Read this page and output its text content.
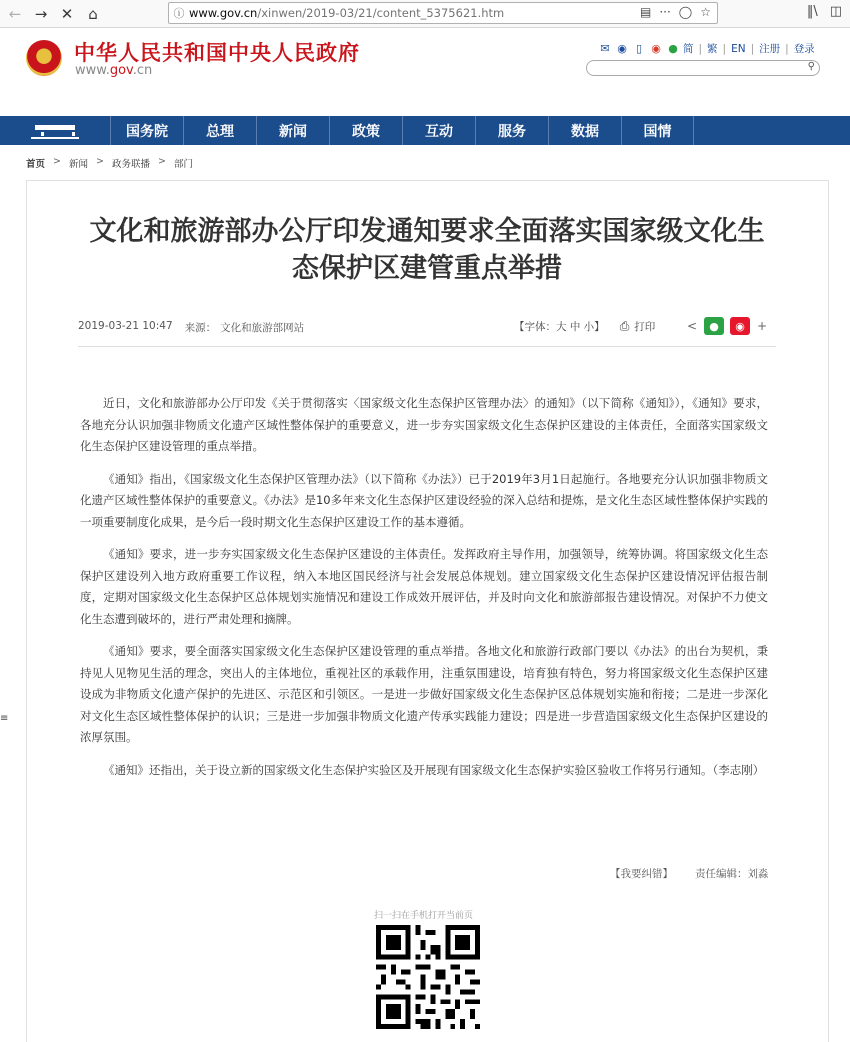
← → ✕ ⌂	ⓘ www.gov.cn /xinwen/2019-03/21/content_5375621.htm	▤ ··· ◯ ☆	‖\ ◫
中华人民共和国中央人民政府
www.gov.cn
✉ ◉ ▯ ◉ ● 简 | 繁 | EN | 注册 | 登录
⚲
国务院	总理	新闻	政策	互动	服务	数据	国情
首页 > 新闻 > 政务联播 > 部门
文化和旅游部办公厅印发通知要求全面落实国家级文化生态保护区建管重点举措
2019-03-21 10:47 来源： 文化和旅游部网站	【字体：大 中 小】 ⎙ 打印	<	●	◉	+

近日，文化和旅游部办公厅印发《关于贯彻落实〈国家级文化生态保护区管理办法〉的通知》（以下简称《通知》），《通知》要求，各地充分认识加强非物质文化遗产区域性整体保护的重要意义，进一步夯实国家级文化生态保护区建设的主体责任，全面落实国家级文化生态保护区建设管理的重点举措。

《通知》指出，《国家级文化生态保护区管理办法》（以下简称《办法》）已于2019年3月1日起施行。各地要充分认识加强非物质文化遗产区域性整体保护的重要意义。《办法》是10多年来文化生态保护区建设经验的深入总结和提炼，是文化生态区域性整体保护实践的一项重要制度化成果，是今后一段时期文化生态保护区建设工作的基本遵循。

《通知》要求，进一步夯实国家级文化生态保护区建设的主体责任。发挥政府主导作用，加强领导，统筹协调。将国家级文化生态保护区建设列入地方政府重要工作议程，纳入本地区国民经济与社会发展总体规划。建立国家级文化生态保护区建设情况评估报告制度，定期对国家级文化生态保护区总体规划实施情况和建设工作成效开展评估，并及时向文化和旅游部报告建设情况。对保护不力使文化生态遭到破坏的，进行严肃处理和摘牌。

《通知》要求，要全面落实国家级文化生态保护区建设管理的重点举措。各地文化和旅游行政部门要以《办法》的出台为契机，秉持见人见物见生活的理念，突出人的主体地位，重视社区的承载作用，注重氛围建设，培育独有特色，努力将国家级文化生态保护区建设成为非物质文化遗产保护的先进区、示范区和引领区。一是进一步做好国家级文化生态保护区总体规划实施和衔接；二是进一步深化对文化生态区域性整体保护的认识；三是进一步加强非物质文化遗产传承实践能力建设；四是进一步营造国家级文化生态保护区建设的浓厚氛围。

《通知》还指出，关于设立新的国家级文化生态保护实验区及开展现有国家级文化生态保护实验区验收工作将另行通知。（李志刚）

【我要纠错】 责任编辑：刘淼
扫一扫在手机打开当前页
≡
